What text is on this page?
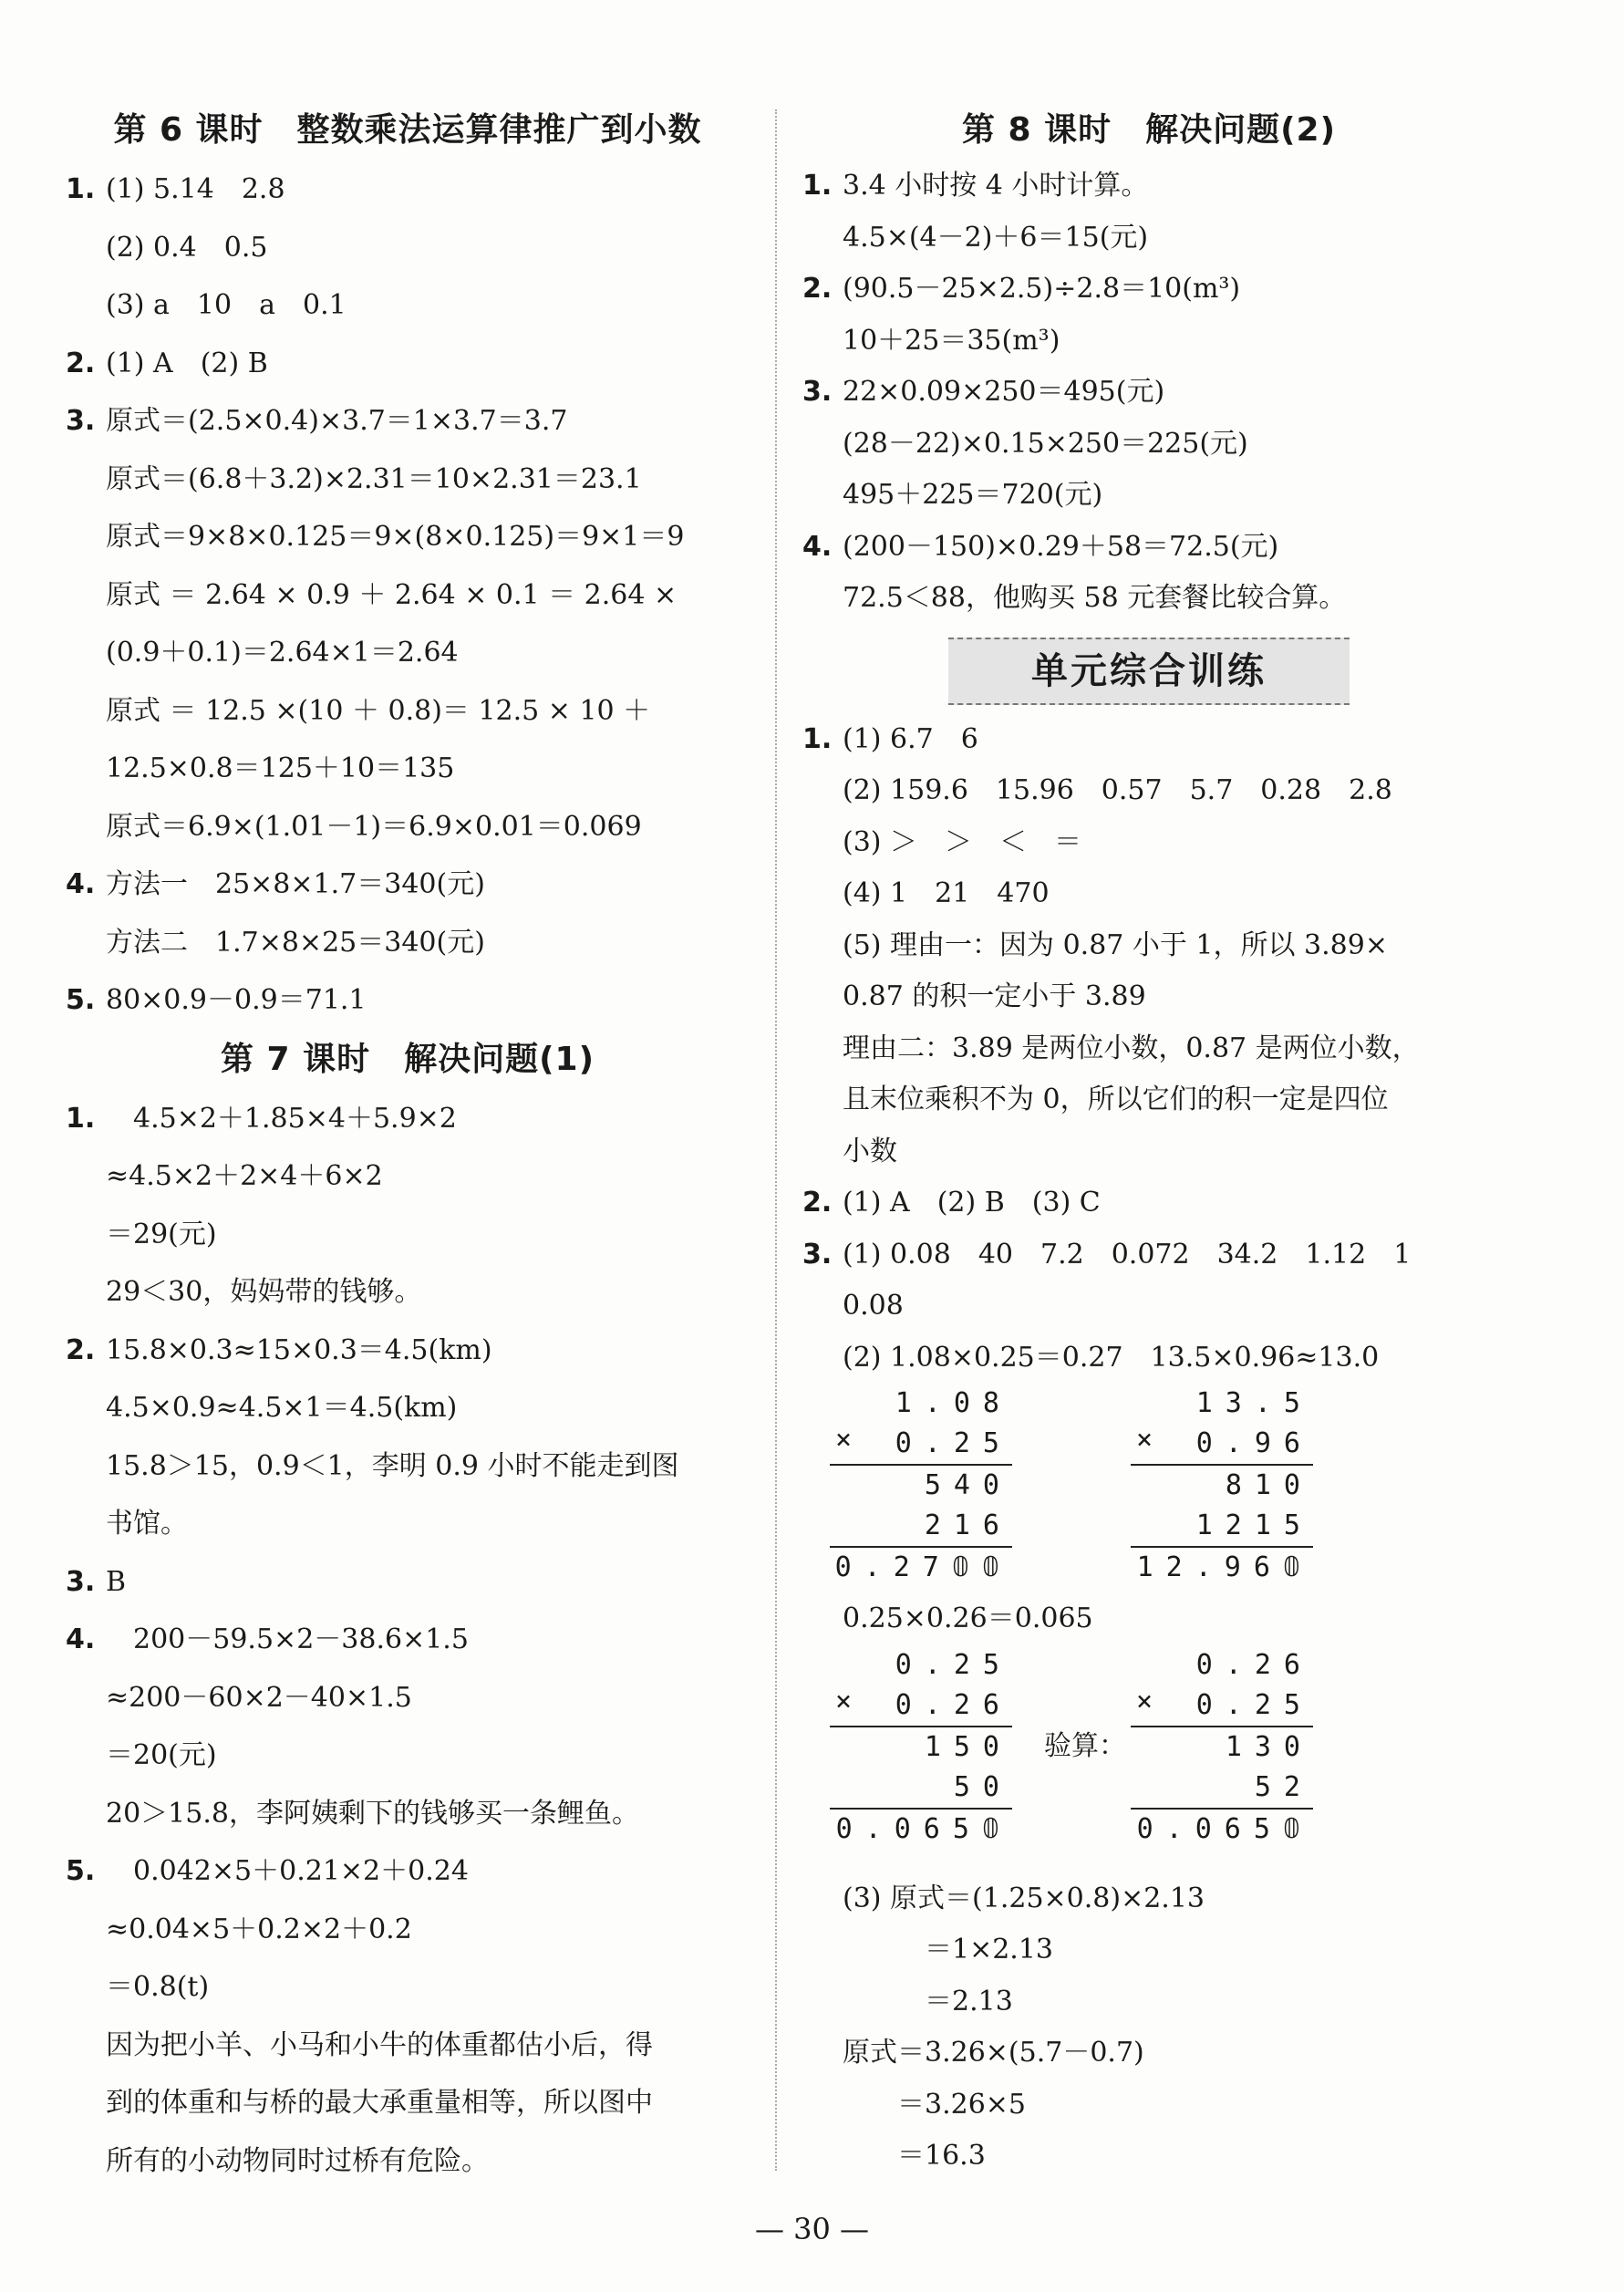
第 6 课时　整数乘法运算律推广到小数
1. (1) 5.14　2.8
(2) 0.4　0.5
(3) a　10　a　0.1
2. (1) A　(2) B
3. 原式＝(2.5×0.4)×3.7＝1×3.7＝3.7
原式＝(6.8＋3.2)×2.31＝10×2.31＝23.1
原式＝9×8×0.125＝9×(8×0.125)＝9×1＝9
原式 ＝ 2.64 × 0.9 ＋ 2.64 × 0.1 ＝ 2.64 ×
(0.9＋0.1)＝2.64×1＝2.64
原式 ＝ 12.5 ×(10 ＋ 0.8)＝ 12.5 × 10 ＋
12.5×0.8＝125＋10＝135
原式＝6.9×(1.01－1)＝6.9×0.01＝0.069
4. 方法一　25×8×1.7＝340(元)
方法二　1.7×8×25＝340(元)
5. 80×0.9－0.9＝71.1
第 7 课时　解决问题(1)
1.　4.5×2＋1.85×4＋5.9×2
≈4.5×2＋2×4＋6×2
＝29(元)
29＜30，妈妈带的钱够。
2. 15.8×0.3≈15×0.3＝4.5(km)
4.5×0.9≈4.5×1＝4.5(km)
15.8＞15，0.9＜1，李明 0.9 小时不能走到图
书馆。
3. B
4.　200－59.5×2－38.6×1.5
≈200－60×2－40×1.5
＝20(元)
20＞15.8，李阿姨剩下的钱够买一条鲤鱼。
5.　0.042×5＋0.21×2＋0.24
≈0.04×5＋0.2×2＋0.2
＝0.8(t)
因为把小羊、小马和小牛的体重都估小后，得
到的体重和与桥的最大承重量相等，所以图中
所有的小动物同时过桥有危险。
第 8 课时　解决问题(2)
1. 3.4 小时按 4 小时计算。
4.5×(4－2)＋6＝15(元)
2. (90.5－25×2.5)÷2.8＝10(m³)
10＋25＝35(m³)
3. 22×0.09×250＝495(元)
(28－22)×0.15×250＝225(元)
495＋225＝720(元)
4. (200－150)×0.29＋58＝72.5(元)
72.5＜88，他购买 58 元套餐比较合算。
单元综合训练
1. (1) 6.7　6
(2) 159.6　15.96　0.57　5.7　0.28　2.8
(3) ＞　＞　＜　＝
(4) 1　21　470
(5) 理由一：因为 0.87 小于 1，所以 3.89×
0.87 的积一定小于 3.89
理由二：3.89 是两位小数，0.87 是两位小数，
且末位乘积不为 0，所以它们的积一定是四位
小数
2. (1) A　(2) B　(3) C
3. (1) 0.08　40　7.2　0.072　34.2　1.12　1
0.08
(2) 1.08×0.25＝0.27　13.5×0.96≈13.0
1.08
0.25
×
540
216
0.27𝟘𝟘
13.5
0.96
×
810
1215
12.96𝟘
0.25×0.26＝0.065
0.25
0.26
×
150
50
0.065𝟘
验算：
0.26
0.25
×
130
52
0.065𝟘
(3) 原式＝(1.25×0.8)×2.13
　　　＝1×2.13
　　　＝2.13
原式＝3.26×(5.7－0.7)
　　＝3.26×5
　　＝16.3
— 30 —
